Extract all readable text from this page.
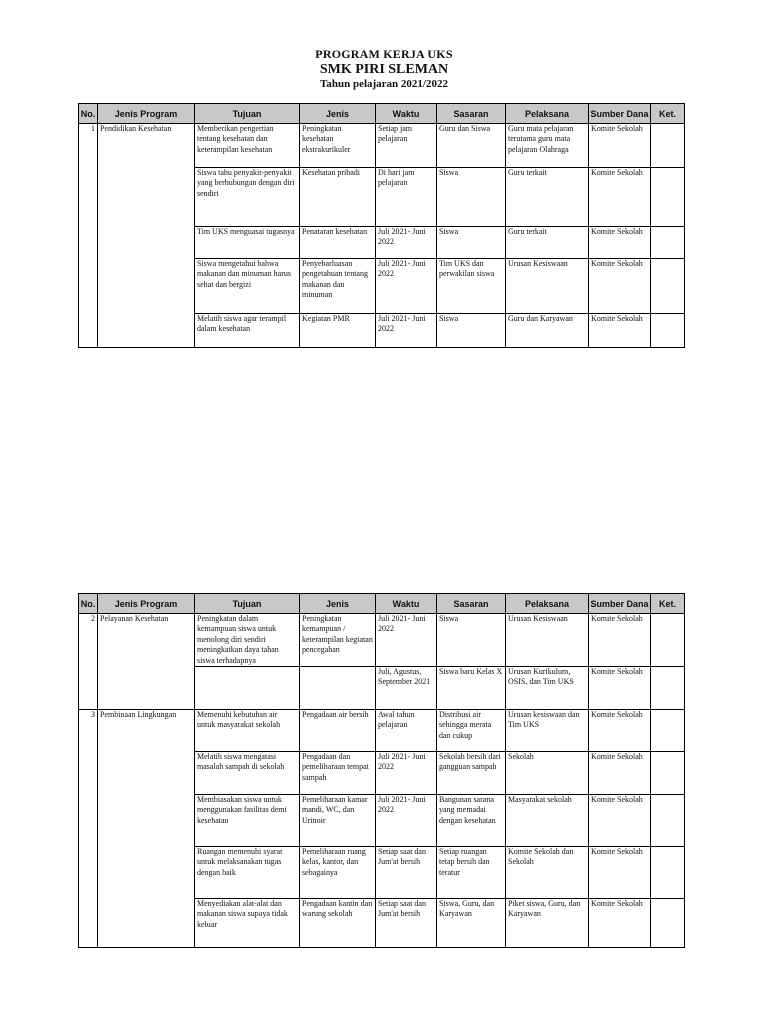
PROGRAM KERJA UKS
SMK PIRI SLEMAN
Tahun pelajaran 2021/2022
No.	Jenis Program	Tujuan	Jenis	Waktu	Sasaran	Pelaksana	Sumber Dana	Ket.
1	Pendidikan Kesehatan	Memberikan pengertian tentang kesehatan dan keterampilan kesehatan	Peningkatan kesehatan ekstrakurikuler	Setiap jam pelajaran	Guru dan Siswa	Guru mata pelajaran terutama guru mata pelajaran Olahraga	Komite Sekolah	
		Siswa tahu penyakit-penyakit yang berhubungan dengan diri sendiri	Kesehatan pribadi	Di hari jam pelajaran	Siswa	Guru terkait	Komite Sekolah	
		Tim UKS menguasai tugasnya	Penataran kesehatan	Juli 2021- Juni 2022	Siswa	Guru terkait	Komite Sekolah	
		Siswa mengetahui bahwa makanan dan minuman harus sehat dan bergizi	Penyebarluasan pengetahuan tentang makanan dan minuman	Juli 2021- Juni 2022	Tim UKS dan perwakilan siswa	Urusan Kesiswaan	Komite Sekolah	
		Melatih siswa agar terampil dalam kesehatan	Kegiatan PMR	Juli 2021- Juni 2022	Siswa	Guru dan Karyawan	Komite Sekolah	
No.	Jenis Program	Tujuan	Jenis	Waktu	Sasaran	Pelaksana	Sumber Dana	Ket.
2	Pelayanan Kesehatan	Peningkatan dalam kemampuan siswa untuk menolong diri sendiri meningkatkan daya tahan siswa terhadapnya	Peningkatan kemampuan / keterampilan kegiatan pencegahan	Juli 2021- Juni 2022	Siswa	Urusan Kesiswaan	Komite Sekolah	
				Juli, Agustus, September 2021	Siswa baru Kelas X	Urusan Kurikulum, OSIS, dan Tim UKS	Komite Sekolah	
3	Pembinaan Lingkungan	Memenuhi kebutuhan air untuk masyarakat sekolah	Pengadaan air bersih	Awal tahun pelajaran	Distribusi air sehingga merata dan cukup	Urusan kesiswaan dan Tim UKS	Komite Sekolah	
		Melatih siswa mengatasi masalah sampah di sekolah	Pengadaan dan pemeliharaan tempat sampah	Juli 2021- Juni 2022	Sekolah bersih dari gangguan sampah	Sekolah	Komite Sekolah	
		Membiasakan siswa untuk menggunakan fasilitas demi kesehatan	Pemeliharaan kamar mandi, WC, dan Urinoir	Juli 2021- Juni 2022	Bangunan sarana yang memadai dengan kesehatan	Masyarakat sekolah	Komite Sekolah	
		Ruangan memenuhi syarat untuk melaksanakan tugas dengan baik	Pemeliharaan ruang kelas, kantor, dan sebagainya	Setiap saat dan Jum'at bersih	Setiap ruangan tetap bersih dan teratur	Komite Sekolah dan Sekolah	Komite Sekolah	
		Menyediakan alat-alat dan makanan siswa supaya tidak keluar	Pengadaan kantin dan warung sekolah	Setiap saat dan Jum'at bersih	Siswa, Guru, dan Karyawan	Piket siswa, Guru, dan Karyawan	Komite Sekolah	
